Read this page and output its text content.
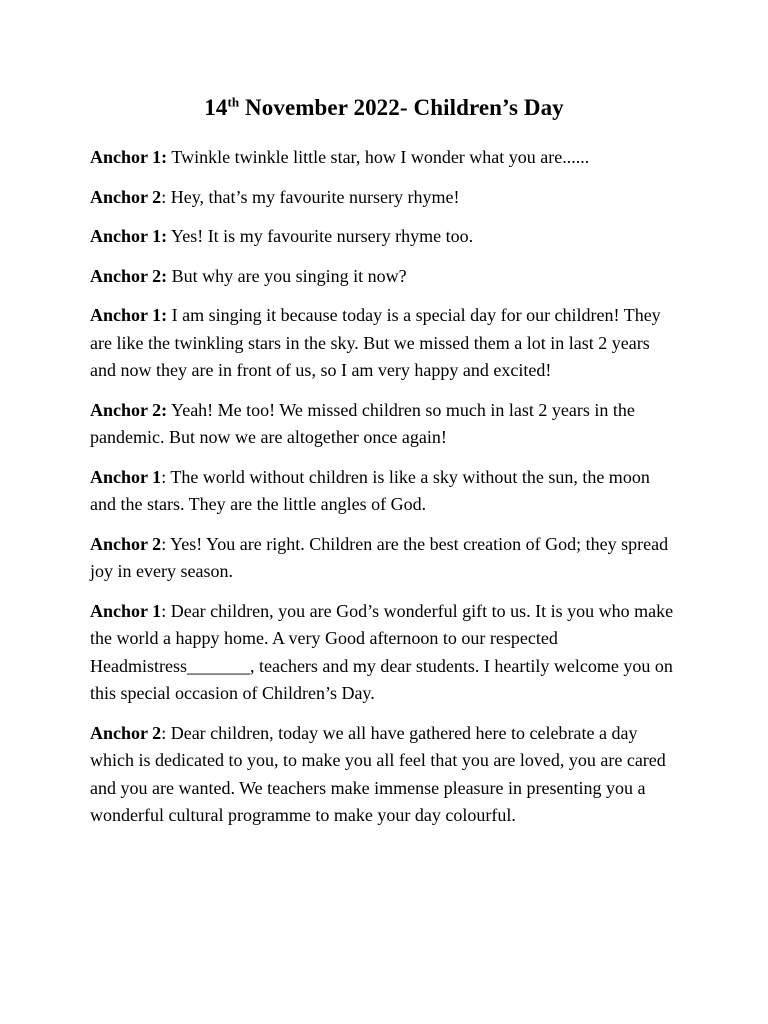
14th November 2022- Children’s Day

Anchor 1: Twinkle twinkle little star, how I wonder what you are......

Anchor 2: Hey, that’s my favourite nursery rhyme!

Anchor 1: Yes! It is my favourite nursery rhyme too.

Anchor 2: But why are you singing it now?

Anchor 1: I am singing it because today is a special day for our children! They are like the twinkling stars in the sky. But we missed them a lot in last 2 years and now they are in front of us, so I am very happy and excited!

Anchor 2: Yeah! Me too! We missed children so much in last 2 years in the pandemic. But now we are altogether once again!

Anchor 1: The world without children is like a sky without the sun, the moon and the stars. They are the little angles of God.

Anchor 2: Yes! You are right. Children are the best creation of God; they spread joy in every season.

Anchor 1: Dear children, you are God’s wonderful gift to us. It is you who make the world a happy home. A very Good afternoon to our respected Headmistress_______, teachers and my dear students. I heartily welcome you on this special occasion of Children’s Day.

Anchor 2: Dear children, today we all have gathered here to celebrate a day which is dedicated to you, to make you all feel that you are loved, you are cared and you are wanted. We teachers make immense pleasure in presenting you a wonderful cultural programme to make your day colourful.
